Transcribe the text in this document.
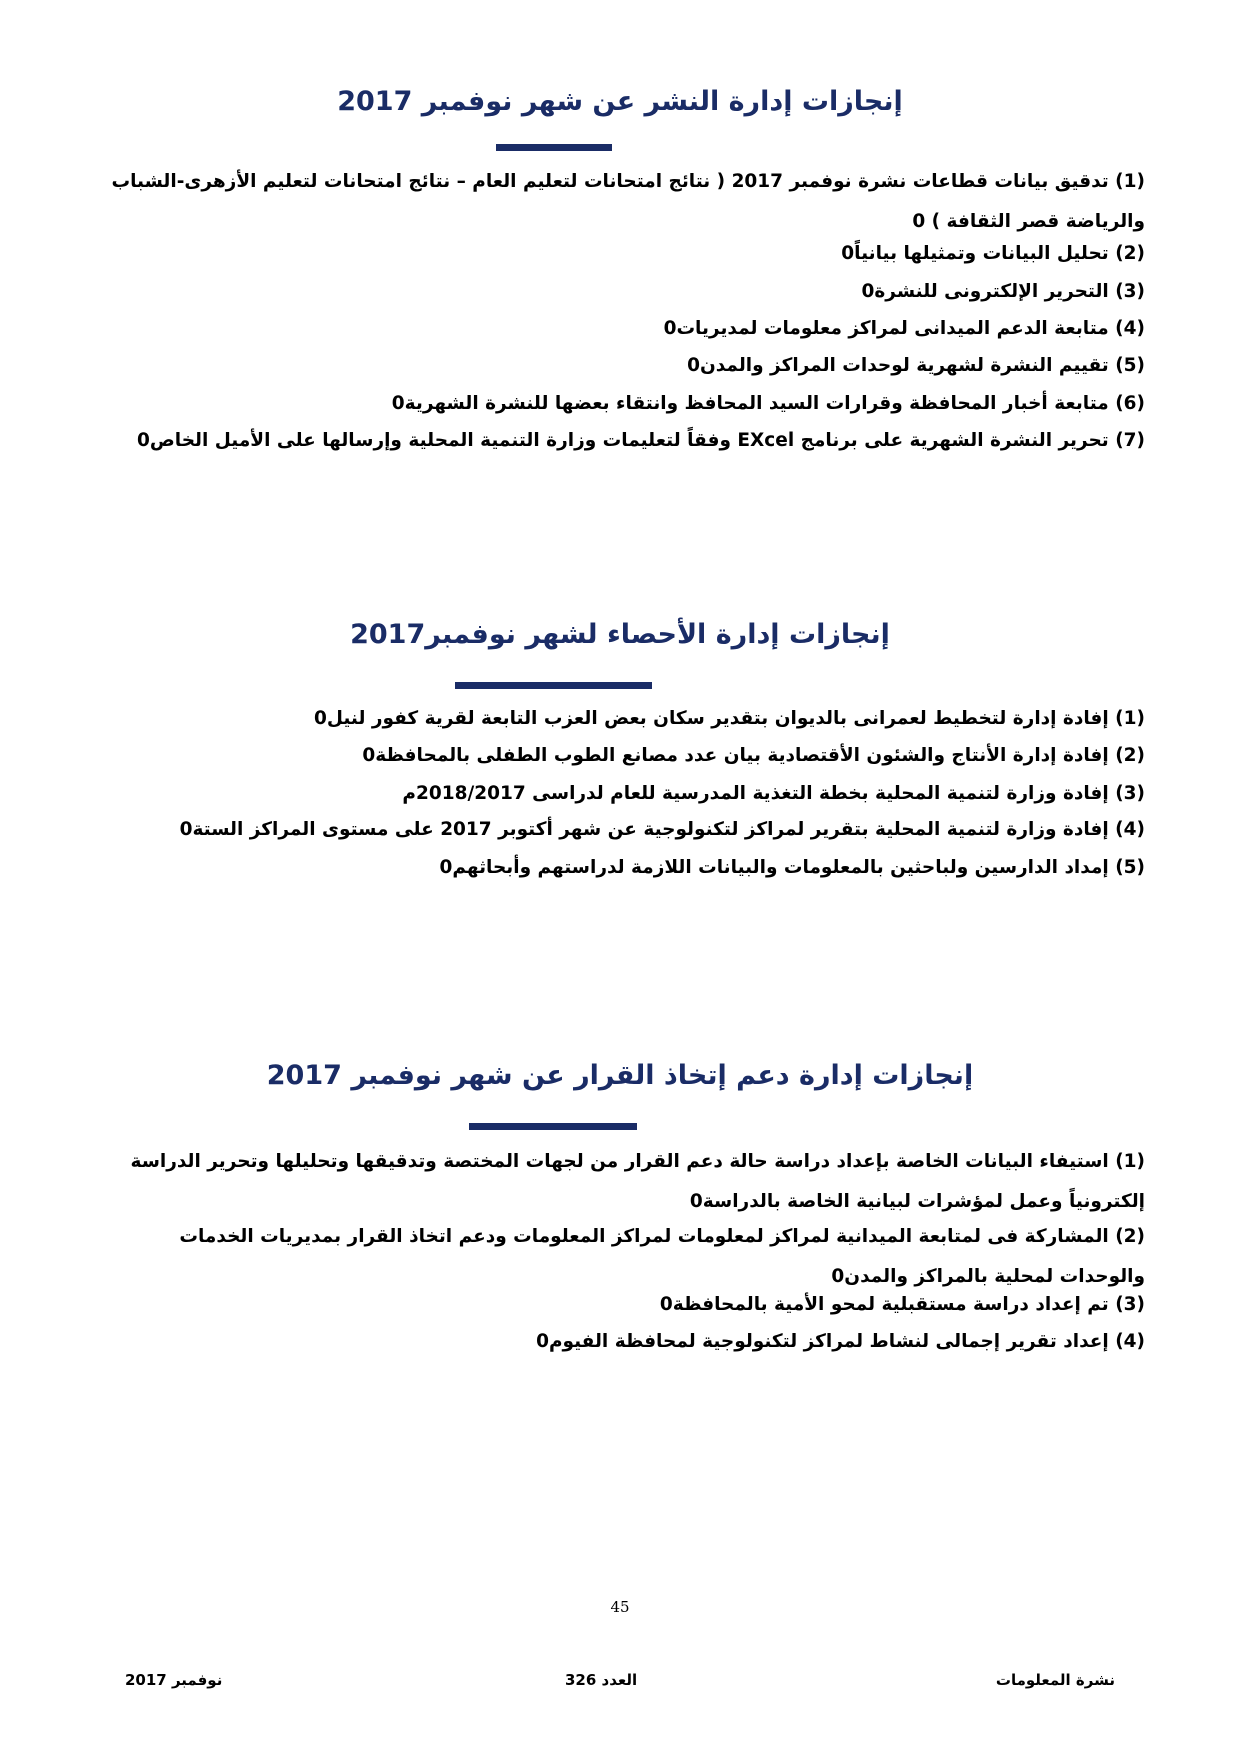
إنجازات إدارة النشر عن شهر نوفمبر 2017

(1) تدقيق بيانات قطاعات نشرة نوفمبر 2017 ( نتائج امتحانات لتعليم العام – نتائج امتحانات لتعليم الأزهرى-الشباب والرياضة قصر الثقافة ) 0

(2) تحليل البيانات وتمثيلها بيانياً0

(3) التحرير الإلكترونى للنشرة0

(4) متابعة الدعم الميدانى لمراكز معلومات لمديريات0

(5) تقييم النشرة لشهرية لوحدات المراكز والمدن0

(6) متابعة أخبار المحافظة وقرارات السيد المحافظ وانتقاء بعضها للنشرة الشهرية0

(7) تحرير النشرة الشهرية على برنامج EXcel وفقاً لتعليمات وزارة التنمية المحلية وإرسالها على الأميل الخاص0

إنجازات إدارة الأحصاء لشهر نوفمبر2017

(1) إفادة إدارة لتخطيط لعمرانى بالديوان بتقدير سكان بعض العزب التابعة لقرية كفور لنيل0

(2) إفادة إدارة الأنتاج والشئون الأقتصادية بيان عدد مصانع الطوب الطفلى بالمحافظة0

(3) إفادة وزارة لتنمية المحلية بخطة التغذية المدرسية للعام لدراسى 2018/2017م

(4) إفادة وزارة لتنمية المحلية بتقرير لمراكز لتكنولوجية عن شهر أكتوبر 2017 على مستوى المراكز الستة0

(5) إمداد الدارسين ولباحثين بالمعلومات والبيانات اللازمة لدراستهم وأبحاثهم0

إنجازات إدارة دعم إتخاذ القرار عن شهر نوفمبر 2017

(1) استيفاء البيانات الخاصة بإعداد دراسة حالة دعم القرار من لجهات المختصة وتدقيقها وتحليلها وتحرير الدراسة إلكترونياً وعمل لمؤشرات لبيانية الخاصة بالدراسة0

(2) المشاركة فى لمتابعة الميدانية لمراكز لمعلومات لمراكز المعلومات ودعم اتخاذ القرار بمديريات الخدمات والوحدات لمحلية بالمراكز والمدن0

(3) تم إعداد دراسة مستقبلية لمحو الأمية بالمحافظة0

(4) إعداد تقرير إجمالى لنشاط لمراكز لتكنولوجية لمحافظة الفيوم0

45
نوفمبر 2017	العدد 326	نشرة المعلومات
